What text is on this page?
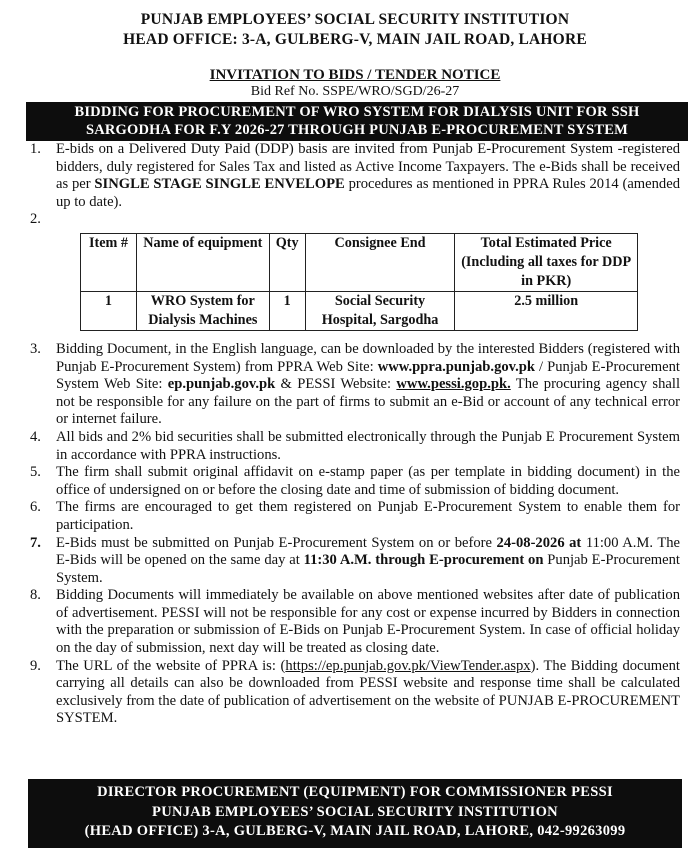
PUNJAB EMPLOYEES’ SOCIAL SECURITY INSTITUTION
HEAD OFFICE: 3-A, GULBERG-V, MAIN JAIL ROAD, LAHORE
INVITATION TO BIDS / TENDER NOTICE
Bid Ref No. SSPE/WRO/SGD/26-27
BIDDING FOR PROCUREMENT OF WRO SYSTEM FOR DIALYSIS UNIT FOR SSH
SARGODHA FOR F.Y 2026-27 THROUGH PUNJAB E-PROCUREMENT SYSTEM
1. E-bids on a Delivered Duty Paid (DDP) basis are invited from Punjab E-Procurement System -registered bidders, duly registered for Sales Tax and listed as Active Income Taxpayers. The e-Bids shall be received as per SINGLE STAGE SINGLE ENVELOPE procedures as mentioned in PPRA Rules 2014 (amended up to date).
2.

Item #	Name of equipment	Qty	Consignee End	Total Estimated Price (Including all taxes for DDP in PKR)
1	WRO System for Dialysis Machines	1	Social Security Hospital, Sargodha	2.5 million
3. Bidding Document, in the English language, can be downloaded by the interested Bidders (registered with Punjab E-Procurement System) from PPRA Web Site: www.ppra.punjab.gov.pk / Punjab E-Procurement System Web Site: ep.punjab.gov.pk & PESSI Website: www.pessi.gop.pk. The procuring agency shall not be responsible for any failure on the part of firms to submit an e-Bid or account of any technical error or internet failure.
4. All bids and 2% bid securities shall be submitted electronically through the Punjab E Procurement System in accordance with PPRA instructions.
5. The firm shall submit original affidavit on e-stamp paper (as per template in bidding document) in the office of undersigned on or before the closing date and time of submission of bidding document.
6. The firms are encouraged to get them registered on Punjab E-Procurement System to enable them for participation.
7. E-Bids must be submitted on Punjab E-Procurement System on or before 24-08-2026 at 11:00 A.M. The E-Bids will be opened on the same day at 11:30 A.M. through E-procurement on Punjab E-Procurement System.
8. Bidding Documents will immediately be available on above mentioned websites after date of publication of advertisement. PESSI will not be responsible for any cost or expense incurred by Bidders in connection with the preparation or submission of E-Bids on Punjab E-Procurement System. In case of official holiday on the day of submission, next day will be treated as closing date.
9. The URL of the website of PPRA is: (https://ep.punjab.gov.pk/ViewTender.aspx). The Bidding document carrying all details can also be downloaded from PESSI website and response time shall be calculated exclusively from the date of publication of advertisement on the website of PUNJAB E-PROCUREMENT SYSTEM.
DIRECTOR PROCUREMENT (EQUIPMENT) FOR COMMISSIONER PESSI
PUNJAB EMPLOYEES’ SOCIAL SECURITY INSTITUTION
(HEAD OFFICE) 3-A, GULBERG-V, MAIN JAIL ROAD, LAHORE, 042-99263099
